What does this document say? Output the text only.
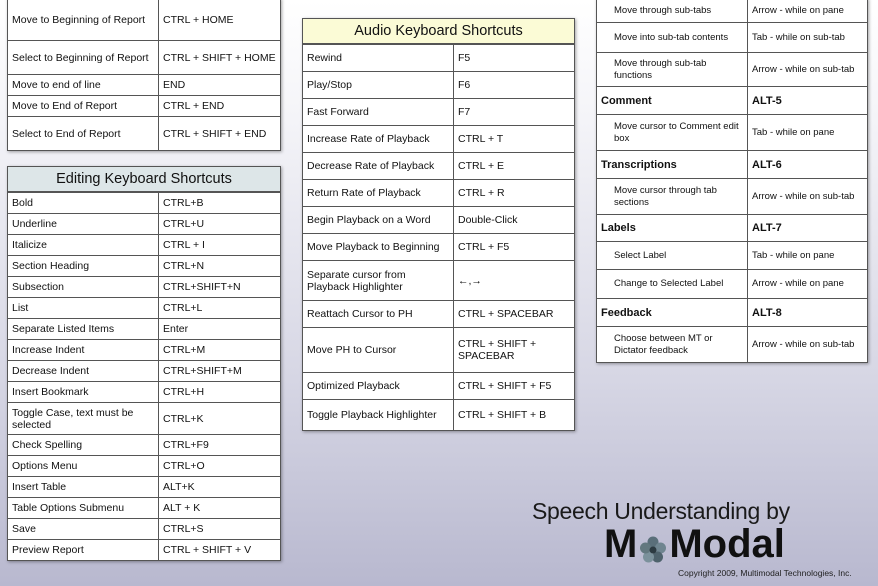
Move to Beginning of Report	CTRL + HOME
Select to Beginning of Report	CTRL + SHIFT + HOME
Move to end of line	END
Move to End of Report	CTRL + END
Select to End of Report	CTRL + SHIFT + END
Editing Keyboard Shortcuts
Bold	CTRL+B
Underline	CTRL+U
Italicize	CTRL + I
Section Heading	CTRL+N
Subsection	CTRL+SHIFT+N
List	CTRL+L
Separate Listed Items	Enter
Increase Indent	CTRL+M
Decrease Indent	CTRL+SHIFT+M
Insert Bookmark	CTRL+H
Toggle Case, text must be selected	CTRL+K
Check Spelling	CTRL+F9
Options Menu	CTRL+O
Insert Table	ALT+K
Table Options Submenu	ALT + K
Save	CTRL+S
Preview Report	CTRL + SHIFT + V
Audio Keyboard Shortcuts
Rewind	F5
Play/Stop	F6
Fast Forward	F7
Increase Rate of Playback	CTRL + T
Decrease Rate of Playback	CTRL + E
Return Rate of Playback	CTRL + R
Begin Playback on a Word	Double-Click
Move Playback to Beginning	CTRL + F5
Separate cursor from Playback Highlighter	←,→
Reattach Cursor to PH	CTRL + SPACEBAR
Move PH to Cursor	CTRL + SHIFT + SPACEBAR
Optimized Playback	CTRL + SHIFT + F5
Toggle Playback Highlighter	CTRL + SHIFT + B
Move through sub-tabs	Arrow - while on pane
Move into sub-tab contents	Tab - while on sub-tab
Move through sub-tab functions	Arrow - while on sub-tab
Comment	ALT-5
Move cursor to Comment edit box	Tab - while on pane
Transcriptions	ALT-6
Move cursor through tab sections	Arrow - while on sub-tab
Labels	ALT-7
Select Label	Tab - while on pane
Change to Selected Label	Arrow - while on pane
Feedback	ALT-8
Choose between MT or Dictator feedback	Arrow - while on sub-tab
Speech Understanding by
M Modal
Copyright 2009, Multimodal Technologies, Inc.
